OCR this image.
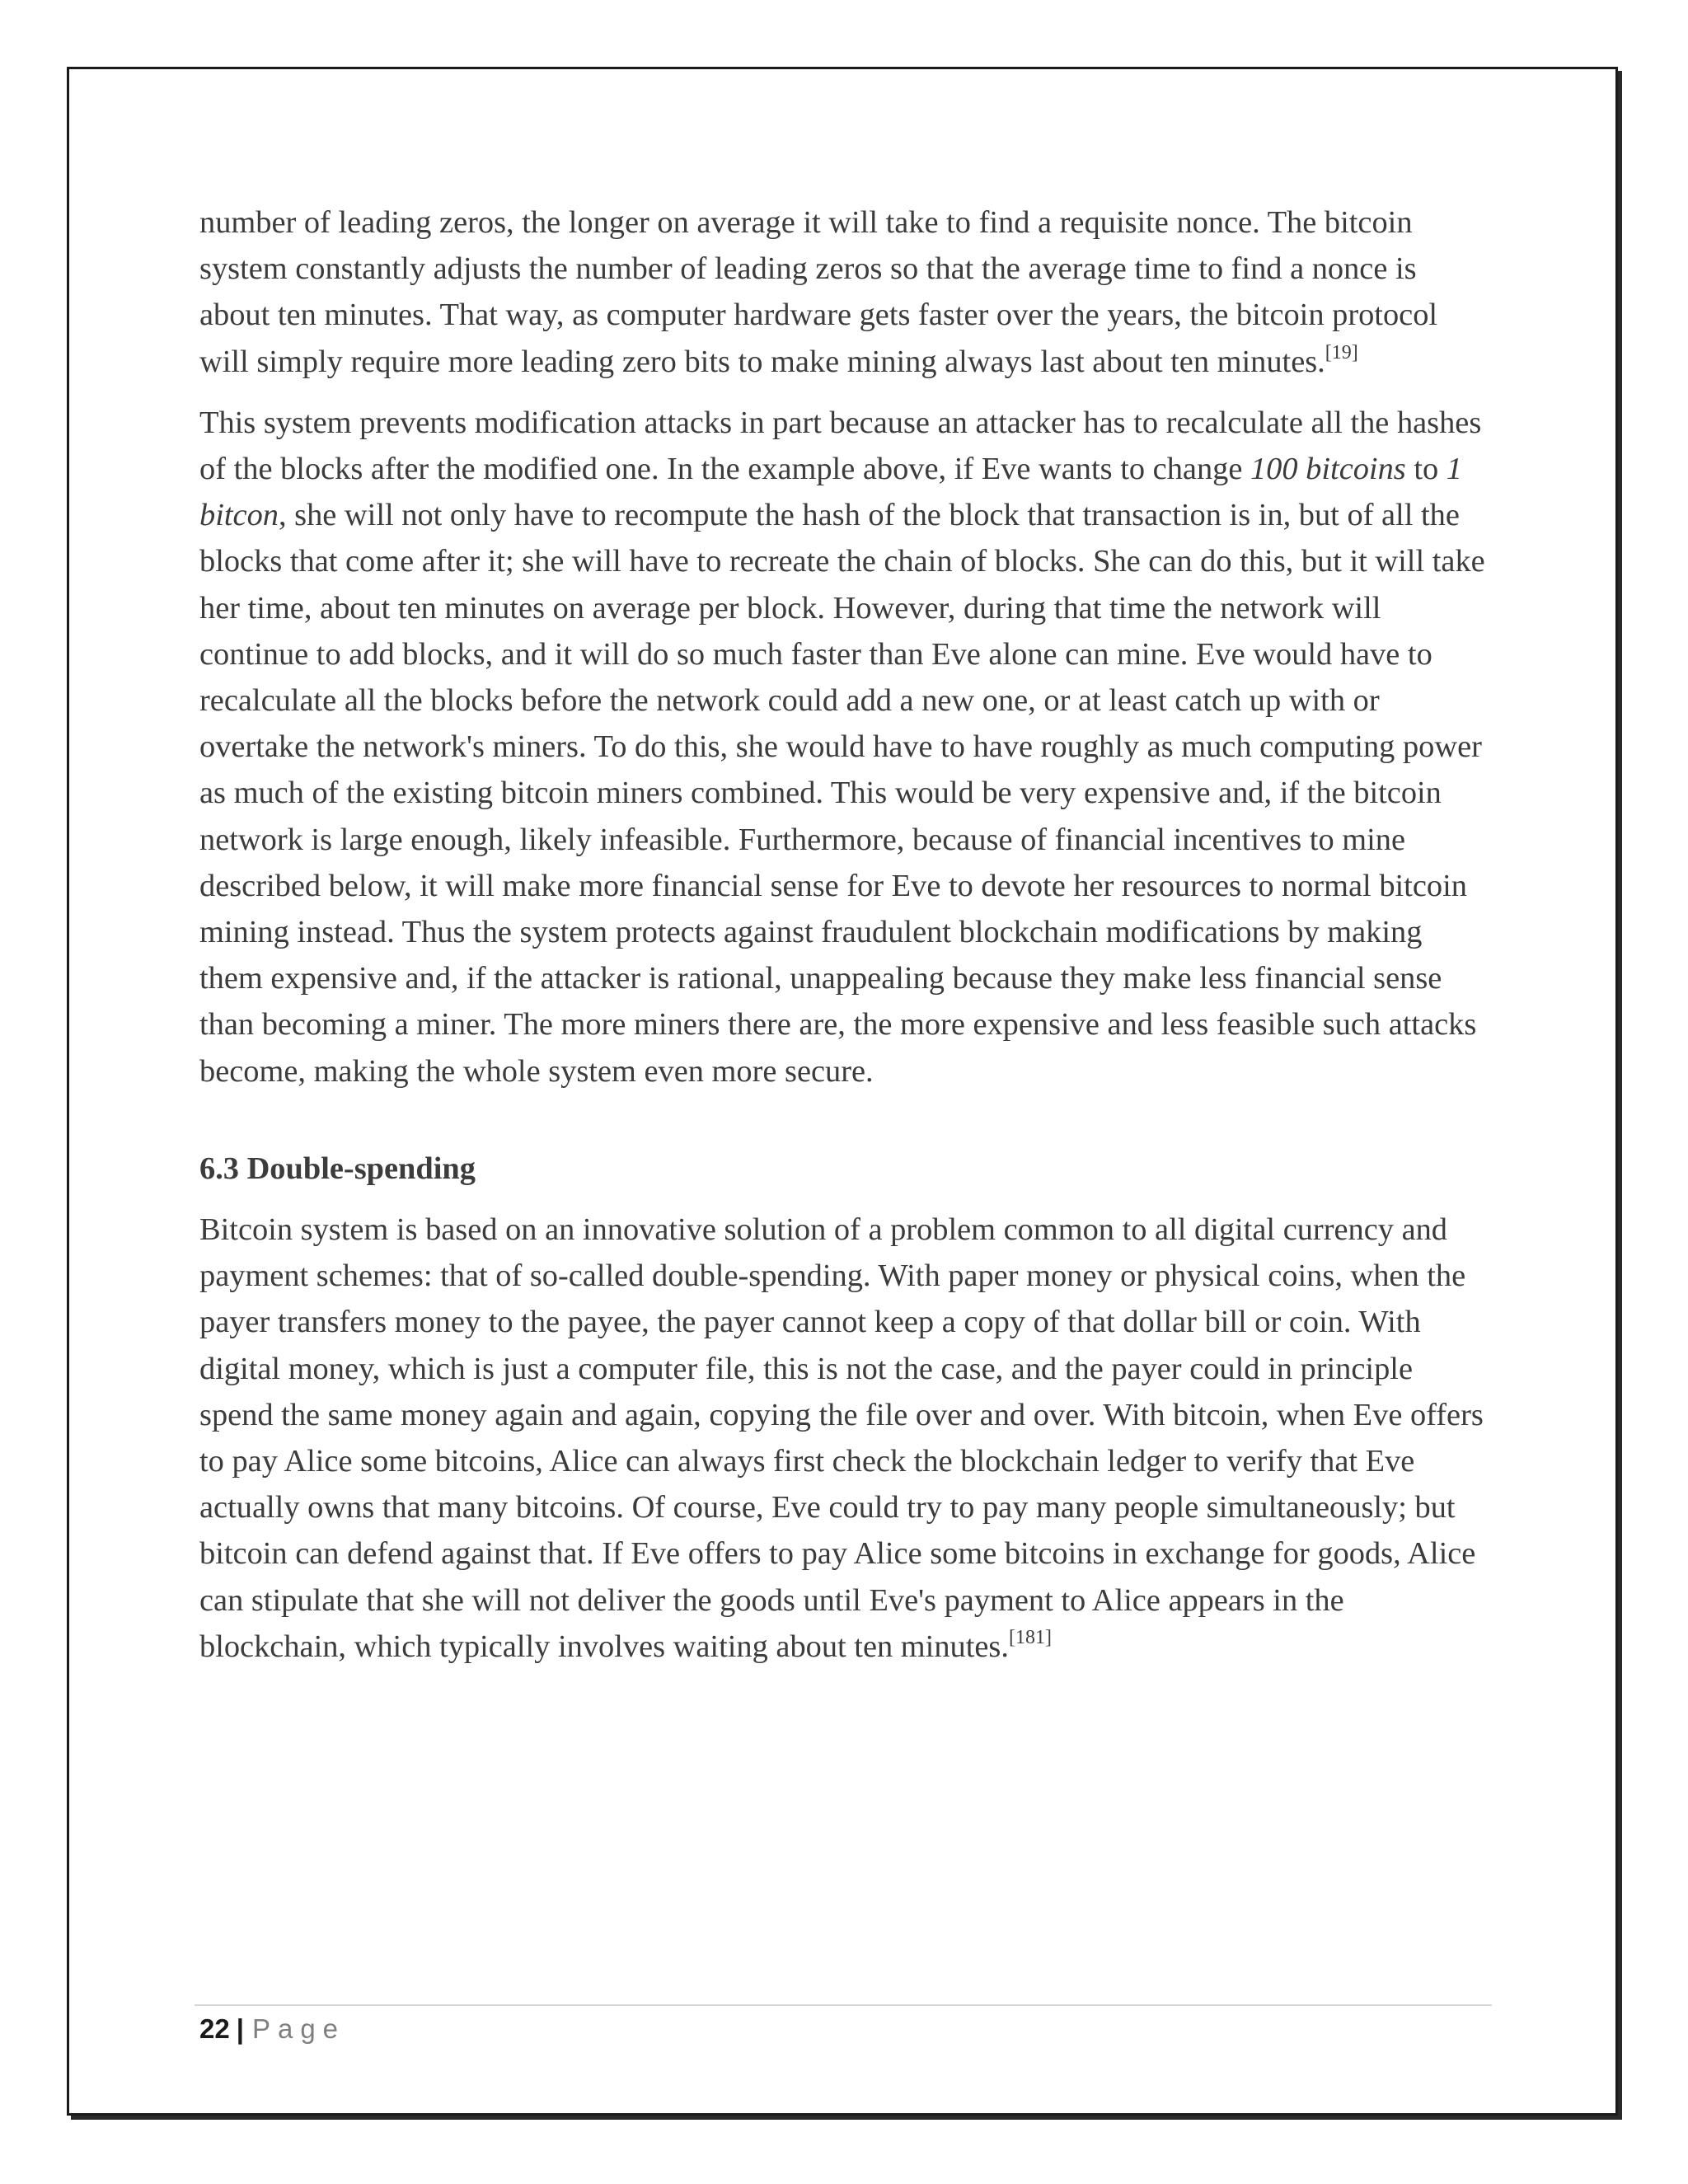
number of leading zeros, the longer on average it will take to find a requisite nonce. The bitcoin system constantly adjusts the number of leading zeros so that the average time to find a nonce is about ten minutes. That way, as computer hardware gets faster over the years, the bitcoin protocol will simply require more leading zero bits to make mining always last about ten minutes.[19]

This system prevents modification attacks in part because an attacker has to recalculate all the hashes of the blocks after the modified one. In the example above, if Eve wants to change 100 bitcoins to 1 bitcon, she will not only have to recompute the hash of the block that transaction is in, but of all the blocks that come after it; she will have to recreate the chain of blocks. She can do this, but it will take her time, about ten minutes on average per block. However, during that time the network will continue to add blocks, and it will do so much faster than Eve alone can mine. Eve would have to recalculate all the blocks before the network could add a new one, or at least catch up with or overtake the network's miners. To do this, she would have to have roughly as much computing power as much of the existing bitcoin miners combined. This would be very expensive and, if the bitcoin network is large enough, likely infeasible. Furthermore, because of financial incentives to mine described below, it will make more financial sense for Eve to devote her resources to normal bitcoin mining instead. Thus the system protects against fraudulent blockchain modifications by making them expensive and, if the attacker is rational, unappealing because they make less financial sense than becoming a miner. The more miners there are, the more expensive and less feasible such attacks become, making the whole system even more secure.

6.3 Double-spending

Bitcoin system is based on an innovative solution of a problem common to all digital currency and payment schemes: that of so-called double-spending. With paper money or physical coins, when the payer transfers money to the payee, the payer cannot keep a copy of that dollar bill or coin. With digital money, which is just a computer file, this is not the case, and the payer could in principle spend the same money again and again, copying the file over and over. With bitcoin, when Eve offers to pay Alice some bitcoins, Alice can always first check the blockchain ledger to verify that Eve actually owns that many bitcoins. Of course, Eve could try to pay many people simultaneously; but bitcoin can defend against that. If Eve offers to pay Alice some bitcoins in exchange for goods, Alice can stipulate that she will not deliver the goods until Eve's payment to Alice appears in the blockchain, which typically involves waiting about ten minutes.[181]

22 | Page
